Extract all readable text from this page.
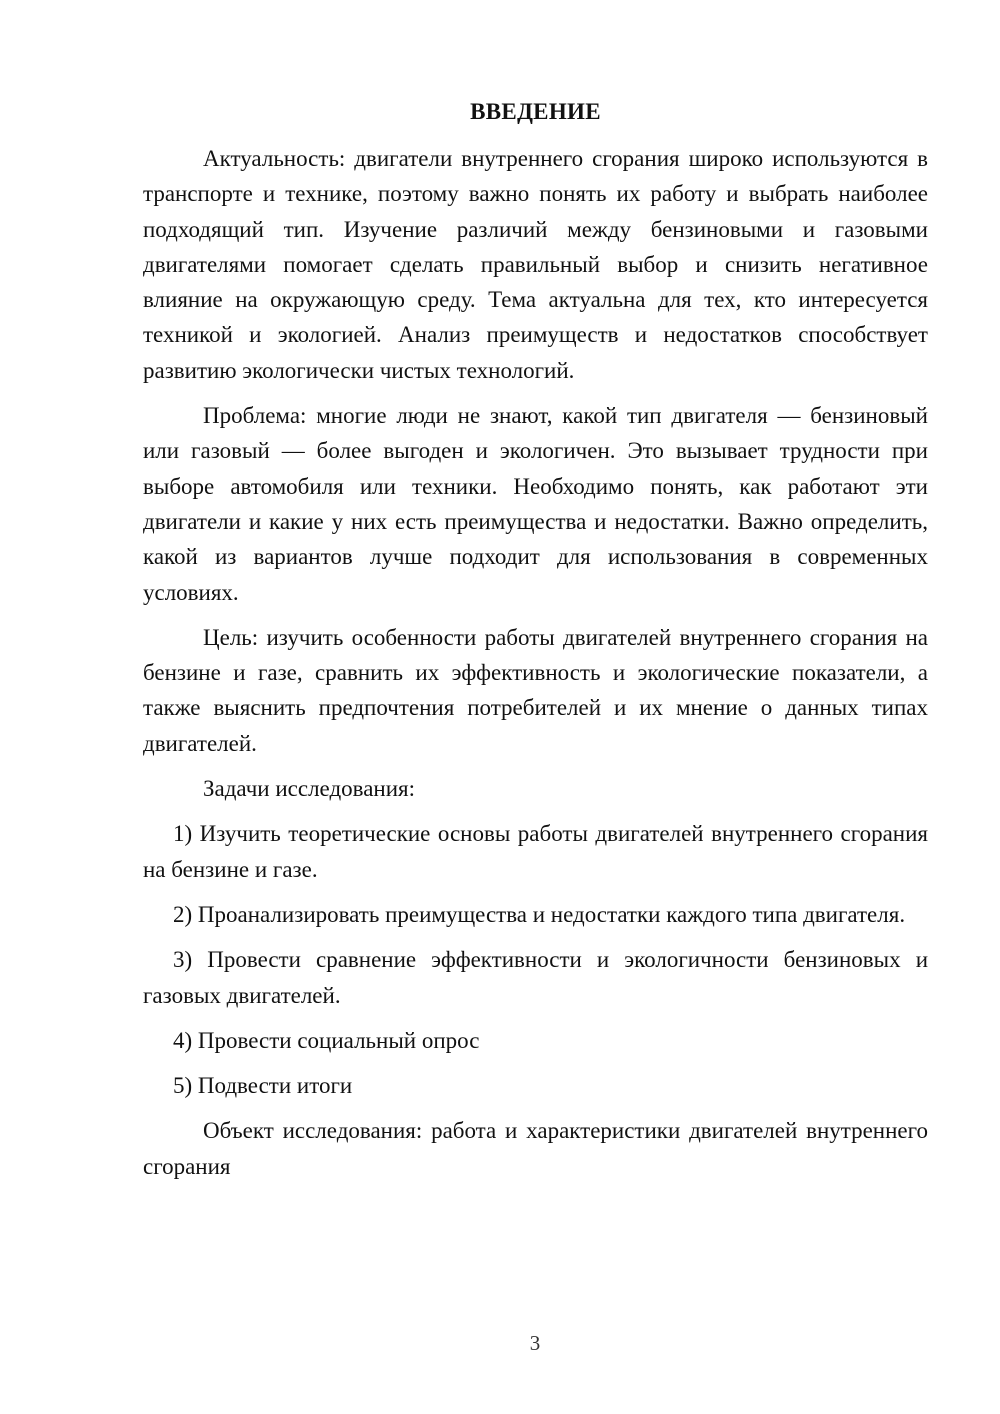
ВВЕДЕНИЕ

Актуальность: двигатели внутреннего сгорания широко используются в транспорте и технике, поэтому важно понять их работу и выбрать наиболее подходящий тип. Изучение различий между бензиновыми и газовыми двигателями помогает сделать правильный выбор и снизить негативное влияние на окружающую среду. Тема актуальна для тех, кто интересуется техникой и экологией. Анализ преимуществ и недостатков способствует развитию экологически чистых технологий.

Проблема: многие люди не знают, какой тип двигателя — бензиновый или газовый — более выгоден и экологичен. Это вызывает трудности при выборе автомобиля или техники. Необходимо понять, как работают эти двигатели и какие у них есть преимущества и недостатки. Важно определить, какой из вариантов лучше подходит для использования в современных условиях.

Цель: изучить особенности работы двигателей внутреннего сгорания на бензине и газе, сравнить их эффективность и экологические показатели, а также выяснить предпочтения потребителей и их мнение о данных типах двигателей.

Задачи исследования:

1) Изучить теоретические основы работы двигателей внутреннего сгорания на бензине и газе.

2) Проанализировать преимущества и недостатки каждого типа двигателя.

3) Провести сравнение эффективности и экологичности бензиновых и газовых двигателей.

4) Провести социальный опрос

5) Подвести итоги

Объект исследования: работа и характеристики двигателей внутреннего сгорания

3
